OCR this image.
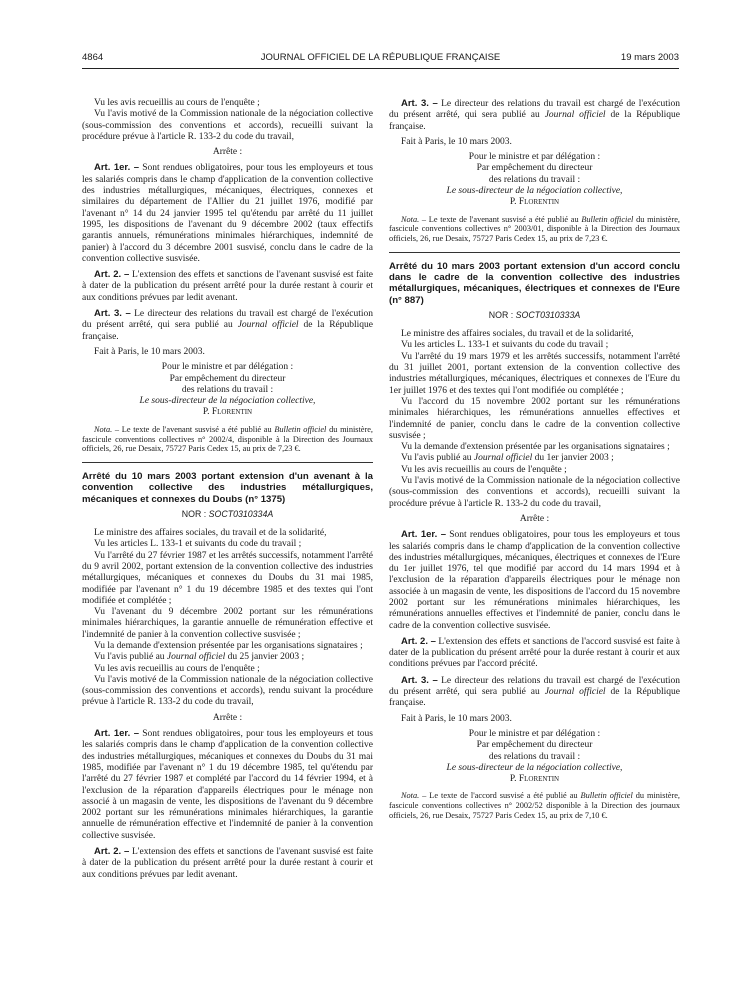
4864	JOURNAL OFFICIEL DE LA RÉPUBLIQUE FRANÇAISE	19 mars 2003

Vu les avis recueillis au cours de l'enquête ;

Vu l'avis motivé de la Commission nationale de la négociation collective (sous-commission des conventions et accords), recueilli suivant la procédure prévue à l'article R. 133-2 du code du travail,

Arrête :

Art. 1er. – Sont rendues obligatoires, pour tous les employeurs et tous les salariés compris dans le champ d'application de la convention collective des industries métallurgiques, mécaniques, électriques, connexes et similaires du département de l'Allier du 21 juillet 1976, modifié par l'avenant n° 14 du 24 janvier 1995 tel qu'étendu par arrêté du 11 juillet 1995, les dispositions de l'avenant du 9 décembre 2002 (taux effectifs garantis annuels, rémunérations minimales hiérarchiques, indemnité de panier) à l'accord du 3 décembre 2001 susvisé, conclu dans le cadre de la convention collective susvisée.

Art. 2. – L'extension des effets et sanctions de l'avenant susvisé est faite à dater de la publication du présent arrêté pour la durée restant à courir et aux conditions prévues par ledit avenant.

Art. 3. – Le directeur des relations du travail est chargé de l'exécution du présent arrêté, qui sera publié au Journal officiel de la République française.

Fait à Paris, le 10 mars 2003.

Pour le ministre et par délégation :
Par empêchement du directeur
des relations du travail :
Le sous-directeur de la négociation collective,
P. Florentin
Nota. – Le texte de l'avenant susvisé a été publié au Bulletin officiel du ministère, fascicule conventions collectives n° 2002/4, disponible à la Direction des Journaux officiels, 26, rue Desaix, 75727 Paris Cedex 15, au prix de 7,23 €.
Arrêté du 10 mars 2003 portant extension d'un avenant à la convention collective des industries métallurgiques, mécaniques et connexes du Doubs (n° 1375)
NOR : SOCT0310334A

Le ministre des affaires sociales, du travail et de la solidarité,

Vu les articles L. 133-1 et suivants du code du travail ;

Vu l'arrêté du 27 février 1987 et les arrêtés successifs, notamment l'arrêté du 9 avril 2002, portant extension de la convention collective des industries métallurgiques, mécaniques et connexes du Doubs du 31 mai 1985, modifiée par l'avenant n° 1 du 19 décembre 1985 et des textes qui l'ont modifiée et complétée ;

Vu l'avenant du 9 décembre 2002 portant sur les rémunérations minimales hiérarchiques, la garantie annuelle de rémunération effective et l'indemnité de panier à la convention collective susvisée ;

Vu la demande d'extension présentée par les organisations signataires ;

Vu l'avis publié au Journal officiel du 25 janvier 2003 ;

Vu les avis recueillis au cours de l'enquête ;

Vu l'avis motivé de la Commission nationale de la négociation collective (sous-commission des conventions et accords), rendu suivant la procédure prévue à l'article R. 133-2 du code du travail,

Arrête :

Art. 1er. – Sont rendues obligatoires, pour tous les employeurs et tous les salariés compris dans le champ d'application de la convention collective des industries métallurgiques, mécaniques et connexes du Doubs du 31 mai 1985, modifiée par l'avenant n° 1 du 19 décembre 1985, tel qu'étendu par l'arrêté du 27 février 1987 et complété par l'accord du 14 février 1994, et à l'exclusion de la réparation d'appareils électriques pour le ménage non associé à un magasin de vente, les dispositions de l'avenant du 9 décembre 2002 portant sur les rémunérations minimales hiérarchiques, la garantie annuelle de rémunération effective et l'indemnité de panier à la convention collective susvisée.

Art. 2. – L'extension des effets et sanctions de l'avenant susvisé est faite à dater de la publication du présent arrêté pour la durée restant à courir et aux conditions prévues par ledit avenant.

Art. 3. – Le directeur des relations du travail est chargé de l'exécution du présent arrêté, qui sera publié au Journal officiel de la République française.

Fait à Paris, le 10 mars 2003.

Pour le ministre et par délégation :
Par empêchement du directeur
des relations du travail :
Le sous-directeur de la négociation collective,
P. Florentin
Nota. – Le texte de l'avenant susvisé a été publié au Bulletin officiel du ministère, fascicule conventions collectives n° 2003/01, disponible à la Direction des Journaux officiels, 26, rue Desaix, 75727 Paris Cedex 15, au prix de 7,23 €.
Arrêté du 10 mars 2003 portant extension d'un accord conclu dans le cadre de la convention collective des industries métallurgiques, mécaniques, électriques et connexes de l'Eure (n° 887)
NOR : SOCT0310333A

Le ministre des affaires sociales, du travail et de la solidarité,

Vu les articles L. 133-1 et suivants du code du travail ;

Vu l'arrêté du 19 mars 1979 et les arrêtés successifs, notamment l'arrêté du 31 juillet 2001, portant extension de la convention collective des industries métallurgiques, mécaniques, électriques et connexes de l'Eure du 1er juillet 1976 et des textes qui l'ont modifiée ou complétée ;

Vu l'accord du 15 novembre 2002 portant sur les rémunérations minimales hiérarchiques, les rémunérations annuelles effectives et l'indemnité de panier, conclu dans le cadre de la convention collective susvisée ;

Vu la demande d'extension présentée par les organisations signataires ;

Vu l'avis publié au Journal officiel du 1er janvier 2003 ;

Vu les avis recueillis au cours de l'enquête ;

Vu l'avis motivé de la Commission nationale de la négociation collective (sous-commission des conventions et accords), recueilli suivant la procédure prévue à l'article R. 133-2 du code du travail,

Arrête :

Art. 1er. – Sont rendues obligatoires, pour tous les employeurs et tous les salariés compris dans le champ d'application de la convention collective des industries métallurgiques, mécaniques, électriques et connexes de l'Eure du 1er juillet 1976, tel que modifié par accord du 14 mars 1994 et à l'exclusion de la réparation d'appareils électriques pour le ménage non associée à un magasin de vente, les dispositions de l'accord du 15 novembre 2002 portant sur les rémunérations minimales hiérarchiques, les rémunérations annuelles effectives et l'indemnité de panier, conclu dans le cadre de la convention collective susvisée.

Art. 2. – L'extension des effets et sanctions de l'accord susvisé est faite à dater de la publication du présent arrêté pour la durée restant à courir et aux conditions prévues par l'accord précité.

Art. 3. – Le directeur des relations du travail est chargé de l'exécution du présent arrêté, qui sera publié au Journal officiel de la République française.

Fait à Paris, le 10 mars 2003.

Pour le ministre et par délégation :
Par empêchement du directeur
des relations du travail :
Le sous-directeur de la négociation collective,
P. Florentin
Nota. – Le texte de l'accord susvisé a été publié au Bulletin officiel du ministère, fascicule conventions collectives n° 2002/52 disponible à la Direction des journaux officiels, 26, rue Desaix, 75727 Paris Cedex 15, au prix de 7,10 €.
